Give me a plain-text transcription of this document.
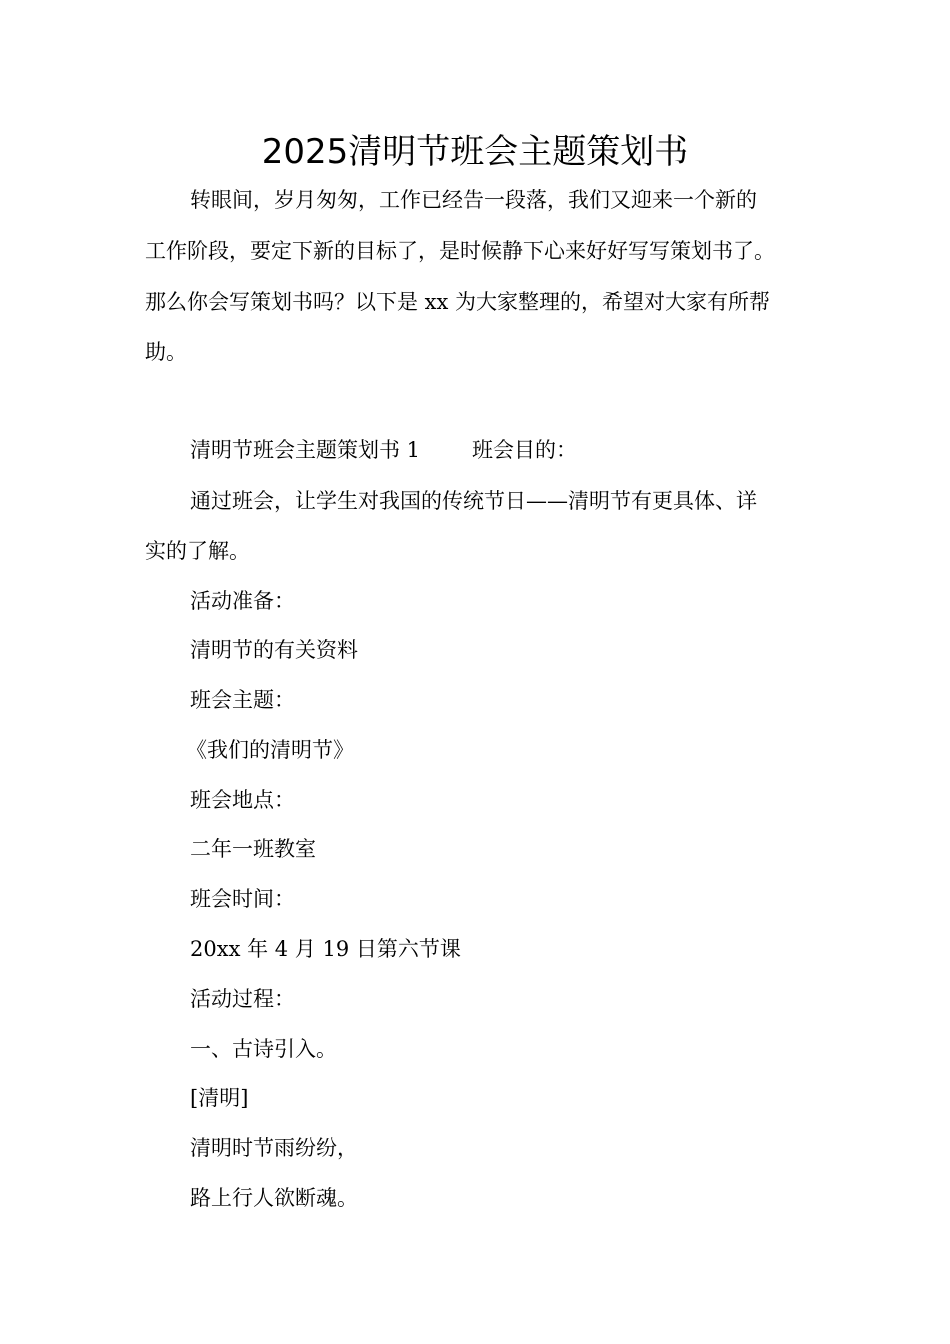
2025清明节班会主题策划书
转眼间，岁月匆匆，工作已经告一段落，我们又迎来一个新的
工作阶段，要定下新的目标了，是时候静下心来好好写写策划书了。
那么你会写策划书吗？以下是 xx 为大家整理的，希望对大家有所帮
助。
清明节班会主题策划书 1 班会目的：
通过班会，让学生对我国的传统节日——清明节有更具体、详
实的了解。
活动准备：
清明节的有关资料
班会主题：
《我们的清明节》
班会地点：
二年一班教室
班会时间：
20xx 年 4 月 19 日第六节课
活动过程：
一、古诗引入。
[清明]
清明时节雨纷纷，
路上行人欲断魂。
